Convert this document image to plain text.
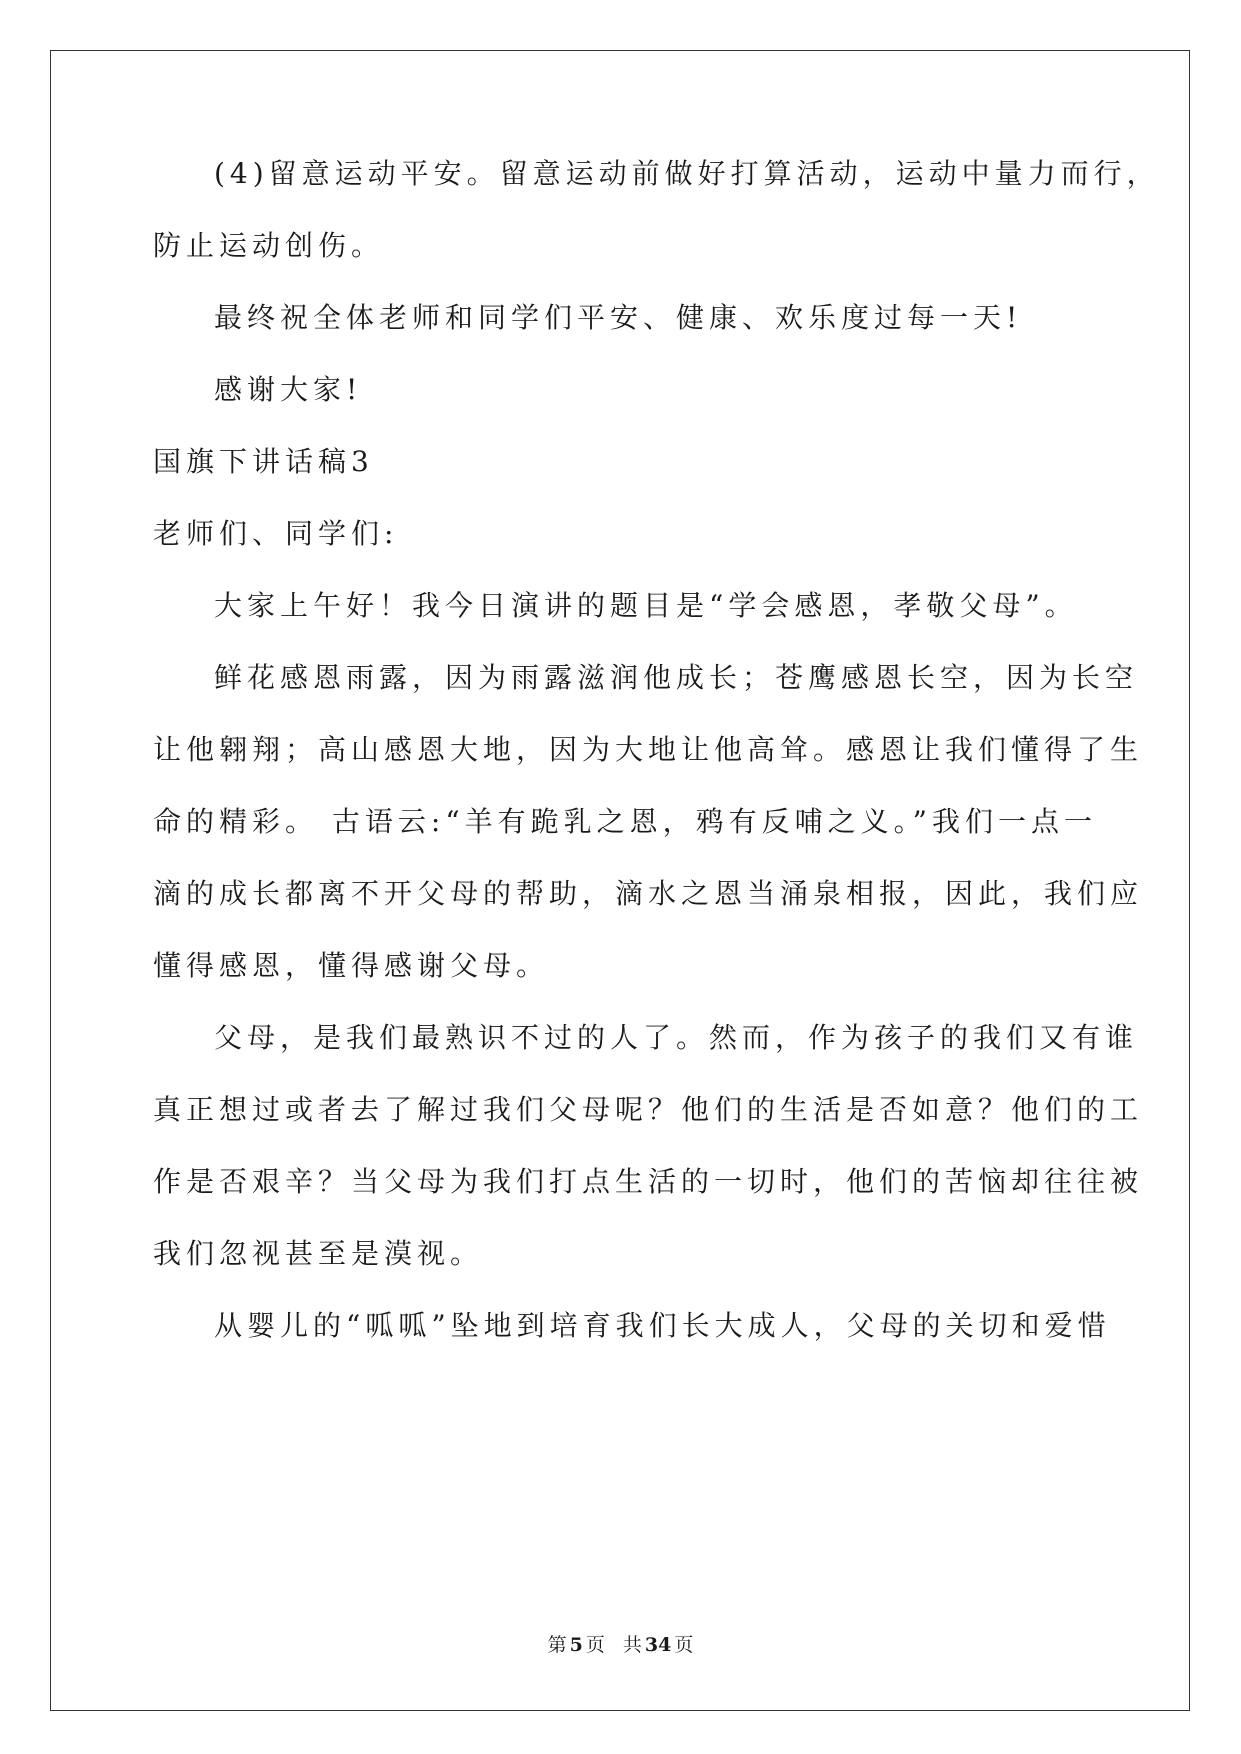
(4)留意运动平安。留意运动前做好打算活动，运动中量力而行，
防止运动创伤。
最终祝全体老师和同学们平安、健康、欢乐度过每一天!
感谢大家!
国旗下讲话稿3
老师们、同学们:
大家上午好！我今日演讲的题目是“学会感恩，孝敬父母”。
鲜花感恩雨露，因为雨露滋润他成长；苍鹰感恩长空，因为长空
让他翱翔；高山感恩大地，因为大地让他高耸。感恩让我们懂得了生
命的精彩。 古语云:“羊有跪乳之恩，鸦有反哺之义。”我们一点一
滴的成长都离不开父母的帮助，滴水之恩当涌泉相报，因此，我们应
懂得感恩，懂得感谢父母。
父母，是我们最熟识不过的人了。然而，作为孩子的我们又有谁
真正想过或者去了解过我们父母呢？他们的生活是否如意？他们的工
作是否艰辛？当父母为我们打点生活的一切时，他们的苦恼却往往被
我们忽视甚至是漠视。
从婴儿的“呱呱”坠地到培育我们长大成人，父母的关切和爱惜
第 5 页 共 34 页
